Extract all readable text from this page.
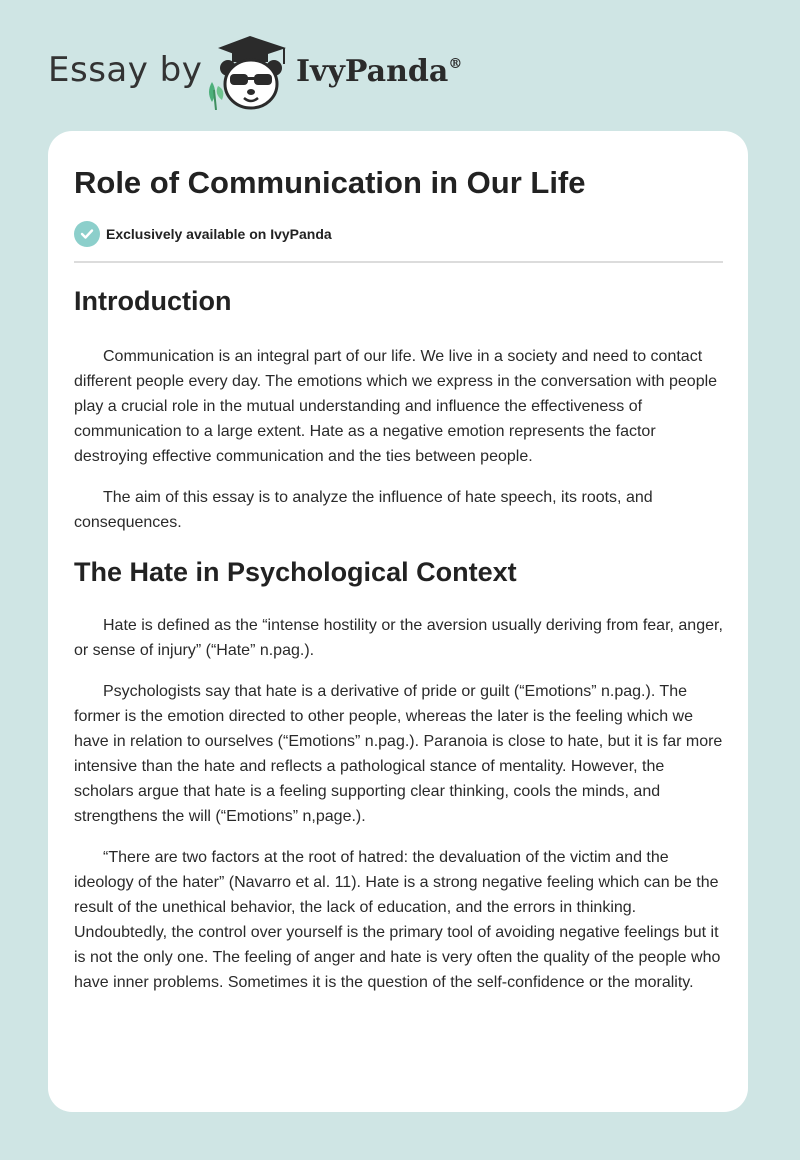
Essay by	IvyPanda®
Role of Communication in Our Life
Exclusively available on IvyPanda
Introduction

Communication is an integral part of our life. We live in a society and need to contact different people every day. The emotions which we express in the conversation with people play a crucial role in the mutual understanding and influence the effectiveness of communication to a large extent. Hate as a negative emotion represents the factor destroying effective communication and the ties between people.

The aim of this essay is to analyze the influence of hate speech, its roots, and consequences.

The Hate in Psychological Context

Hate is defined as the “intense hostility or the aversion usually deriving from fear, anger, or sense of injury” (“Hate” n.pag.).

Psychologists say that hate is a derivative of pride or guilt (“Emotions” n.pag.). The former is the emotion directed to other people, whereas the later is the feeling which we have in relation to ourselves (“Emotions” n.pag.). Paranoia is close to hate, but it is far more intensive than the hate and reflects a pathological stance of mentality. However, the scholars argue that hate is a feeling supporting clear thinking, cools the minds, and strengthens the will (“Emotions” n,page.).

“There are two factors at the root of hatred: the devaluation of the victim and the ideology of the hater” (Navarro et al. 11). Hate is a strong negative feeling which can be the result of the unethical behavior, the lack of education, and the errors in thinking. Undoubtedly, the control over yourself is the primary tool of avoiding negative feelings but it is not the only one. The feeling of anger and hate is very often the quality of the people who have inner problems. Sometimes it is the question of the self-confidence or the morality.
